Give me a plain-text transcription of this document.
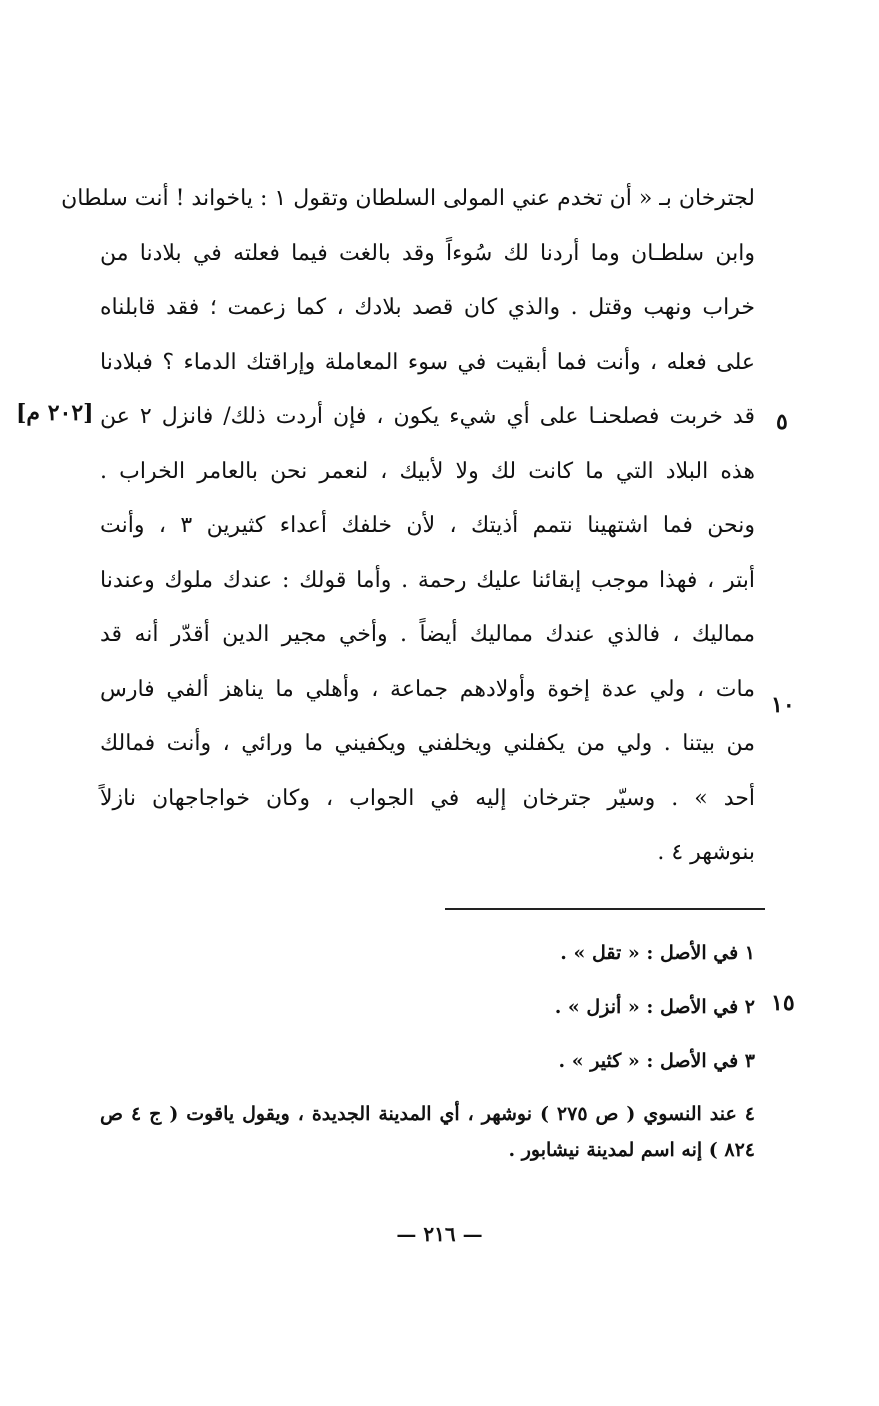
لجترخان بـ « أن تخدم عني المولى السلطان وتقول ١ : ياخواند ! أنت سلطان
وابن سلطـان وما أردنا لك سُوءاً وقد بالغت فيما فعلته في بلادنا من
خراب ونهب وقتل . والذي كان قصد بلادك ، كما زعمت ؛ فقد قابلناه
على فعله ، وأنت فما أبقيت في سوء المعاملة وإراقتك الدماء ؟ فبلادنا
قد خربت فصلحنـا على أي شيء يكون ، فإن أردت ذلك/ فانزل ٢ عن
هذه البلاد التي ما كانت لك ولا لأبيك ، لنعمر نحن بالعامر الخراب .
ونحن فما اشتهينا نتمم أذيتك ، لأن خلفك أعداء كثيرين ٣ ، وأنت
أبتر ، فهذا موجب إبقائنا عليك رحمة . وأما قولك : عندك ملوك وعندنا
مماليك ، فالذي عندك مماليك أيضاً . وأخي مجير الدين أقدّر أنه قد
مات ، ولي عدة إخوة وأولادهم جماعة ، وأهلي ما يناهز ألفي فارس
من بيتنا . ولي من يكفلني ويخلفني ويكفيني ما ورائي ، وأنت فمالك
أحد » . وسيّر جترخان إليه في الجواب ، وكان خواجاجهان نازلاً
بنوشهر ٤ .
٥
١٠
١٥
[٢٠٢ م]
١ في الأصل : « تقل » .
٢ في الأصل : « أنزل » .
٣ في الأصل : « كثير » .
٤ عند النسوي ( ص ٢٧٥ ) نوشهر ، أي المدينة الجديدة ، ويقول ياقوت ( ج ٤ ص ٨٢٤ ) إنه اسم لمدينة نيشابور .
— ٢١٦ —
